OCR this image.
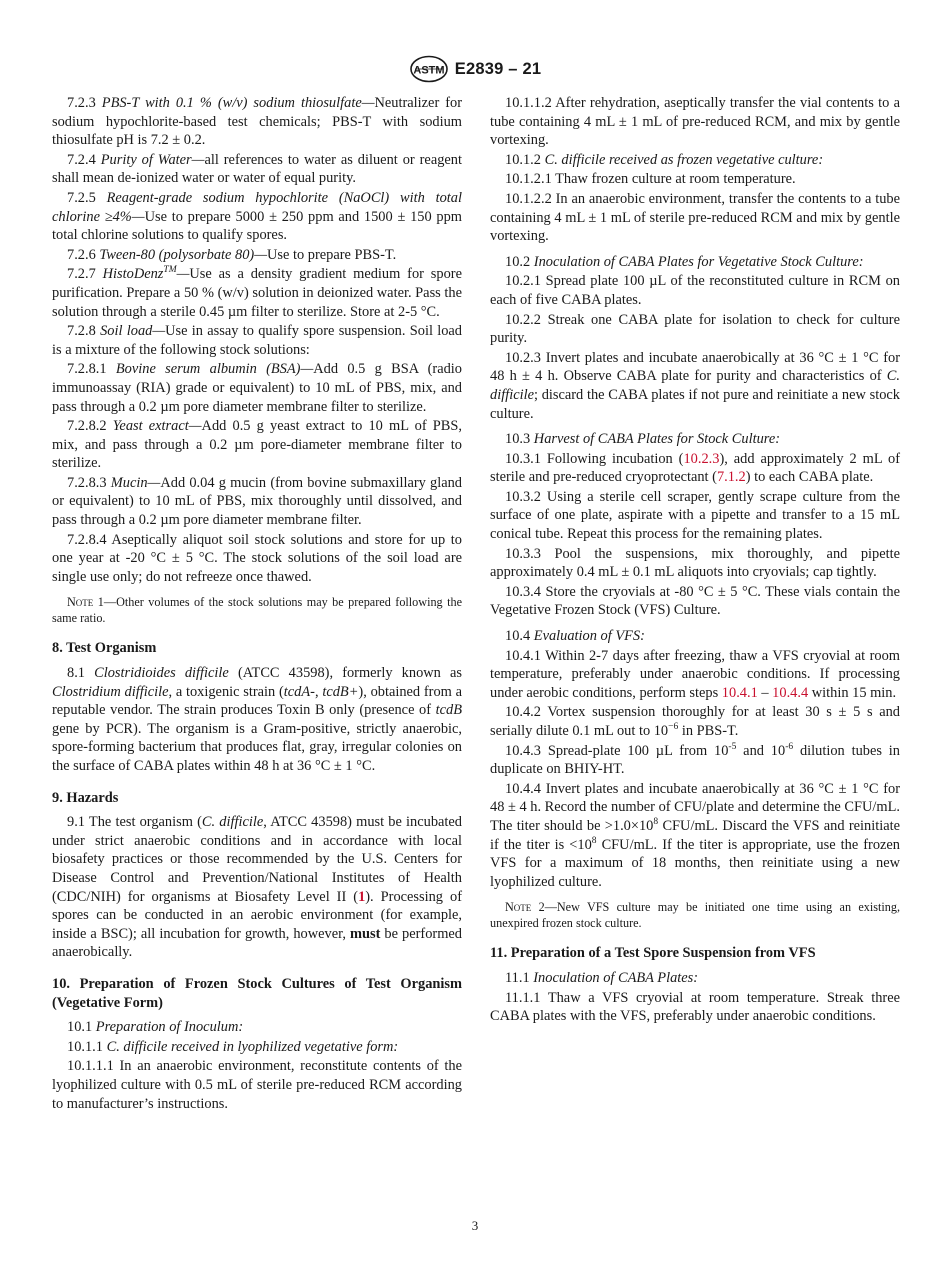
ASTM E2839 – 21

7.2.3 PBS-T with 0.1 % (w/v) sodium thiosulfate—Neutralizer for sodium hypochlorite-based test chemicals; PBS-T with sodium thiosulfate pH is 7.2 ± 0.2.

7.2.4 Purity of Water—all references to water as diluent or reagent shall mean de-ionized water or water of equal purity.

7.2.5 Reagent-grade sodium hypochlorite (NaOCl) with total chlorine ≥4%—Use to prepare 5000 ± 250 ppm and 1500 ± 150 ppm total chlorine solutions to qualify spores.

7.2.6 Tween-80 (polysorbate 80)—Use to prepare PBS-T.

7.2.7 HistoDenz™—Use as a density gradient medium for spore purification. Prepare a 50 % (w/v) solution in deionized water. Pass the solution through a sterile 0.45 µm filter to sterilize. Store at 2-5 °C.

7.2.8 Soil load—Use in assay to qualify spore suspension. Soil load is a mixture of the following stock solutions:

7.2.8.1 Bovine serum albumin (BSA)—Add 0.5 g BSA (radio immunoassay (RIA) grade or equivalent) to 10 mL of PBS, mix, and pass through a 0.2 µm pore diameter membrane filter to sterilize.

7.2.8.2 Yeast extract—Add 0.5 g yeast extract to 10 mL of PBS, mix, and pass through a 0.2 µm pore-diameter membrane filter to sterilize.

7.2.8.3 Mucin—Add 0.04 g mucin (from bovine submaxillary gland or equivalent) to 10 mL of PBS, mix thoroughly until dissolved, and pass through a 0.2 µm pore diameter membrane filter.

7.2.8.4 Aseptically aliquot soil stock solutions and store for up to one year at -20 °C ± 5 °C. The stock solutions of the soil load are single use only; do not refreeze once thawed.

Note 1—Other volumes of the stock solutions may be prepared following the same ratio.

8. Test Organism

8.1 Clostridioides difficile (ATCC 43598), formerly known as Clostridium difficile, a toxigenic strain (tcdA-, tcdB+), obtained from a reputable vendor. The strain produces Toxin B only (presence of tcdB gene by PCR). The organism is a Gram-positive, strictly anaerobic, spore-forming bacterium that produces flat, gray, irregular colonies on the surface of CABA plates within 48 h at 36 °C ± 1 °C.

9. Hazards

9.1 The test organism (C. difficile, ATCC 43598) must be incubated under strict anaerobic conditions and in accordance with local biosafety practices or those recommended by the U.S. Centers for Disease Control and Prevention/National Institutes of Health (CDC/NIH) for organisms at Biosafety Level II (1). Processing of spores can be conducted in an aerobic environment (for example, inside a BSC); all incubation for growth, however, must be performed anaerobically.

10. Preparation of Frozen Stock Cultures of Test Organism (Vegetative Form)

10.1 Preparation of Inoculum:

10.1.1 C. difficile received in lyophilized vegetative form:

10.1.1.1 In an anaerobic environment, reconstitute contents of the lyophilized culture with 0.5 mL of sterile pre-reduced RCM according to manufacturer’s instructions.

10.1.1.2 After rehydration, aseptically transfer the vial contents to a tube containing 4 mL ± 1 mL of pre-reduced RCM, and mix by gentle vortexing.

10.1.2 C. difficile received as frozen vegetative culture:

10.1.2.1 Thaw frozen culture at room temperature.

10.1.2.2 In an anaerobic environment, transfer the contents to a tube containing 4 mL ± 1 mL of sterile pre-reduced RCM and mix by gentle vortexing.

10.2 Inoculation of CABA Plates for Vegetative Stock Culture:

10.2.1 Spread plate 100 µL of the reconstituted culture in RCM on each of five CABA plates.

10.2.2 Streak one CABA plate for isolation to check for culture purity.

10.2.3 Invert plates and incubate anaerobically at 36 °C ± 1 °C for 48 h ± 4 h. Observe CABA plate for purity and characteristics of C. difficile; discard the CABA plates if not pure and reinitiate a new stock culture.

10.3 Harvest of CABA Plates for Stock Culture:

10.3.1 Following incubation (10.2.3), add approximately 2 mL of sterile and pre-reduced cryoprotectant (7.1.2) to each CABA plate.

10.3.2 Using a sterile cell scraper, gently scrape culture from the surface of one plate, aspirate with a pipette and transfer to a 15 mL conical tube. Repeat this process for the remaining plates.

10.3.3 Pool the suspensions, mix thoroughly, and pipette approximately 0.4 mL ± 0.1 mL aliquots into cryovials; cap tightly.

10.3.4 Store the cryovials at -80 °C ± 5 °C. These vials contain the Vegetative Frozen Stock (VFS) Culture.

10.4 Evaluation of VFS:

10.4.1 Within 2-7 days after freezing, thaw a VFS cryovial at room temperature, preferably under anaerobic conditions. If processing under aerobic conditions, perform steps 10.4.1 – 10.4.4 within 15 min.

10.4.2 Vortex suspension thoroughly for at least 30 s ± 5 s and serially dilute 0.1 mL out to $10^{-6}$ in PBS-T.

10.4.3 Spread-plate 100 µL from $10^{-5}$ and $10^{-6}$ dilution tubes in duplicate on BHIY-HT.

10.4.4 Invert plates and incubate anaerobically at 36 °C ± 1 °C for 48 ± 4 h. Record the number of CFU/plate and determine the CFU/mL. The titer should be $>1.0\times 10^8$ CFU/mL. Discard the VFS and reinitiate if the titer is $<10^8$ CFU/mL. If the titer is appropriate, use the frozen VFS for a maximum of 18 months, then reinitiate using a new lyophilized culture.

Note 2—New VFS culture may be initiated one time using an existing, unexpired frozen stock culture.

11. Preparation of a Test Spore Suspension from VFS

11.1 Inoculation of CABA Plates:

11.1.1 Thaw a VFS cryovial at room temperature. Streak three CABA plates with the VFS, preferably under anaerobic conditions.

3
